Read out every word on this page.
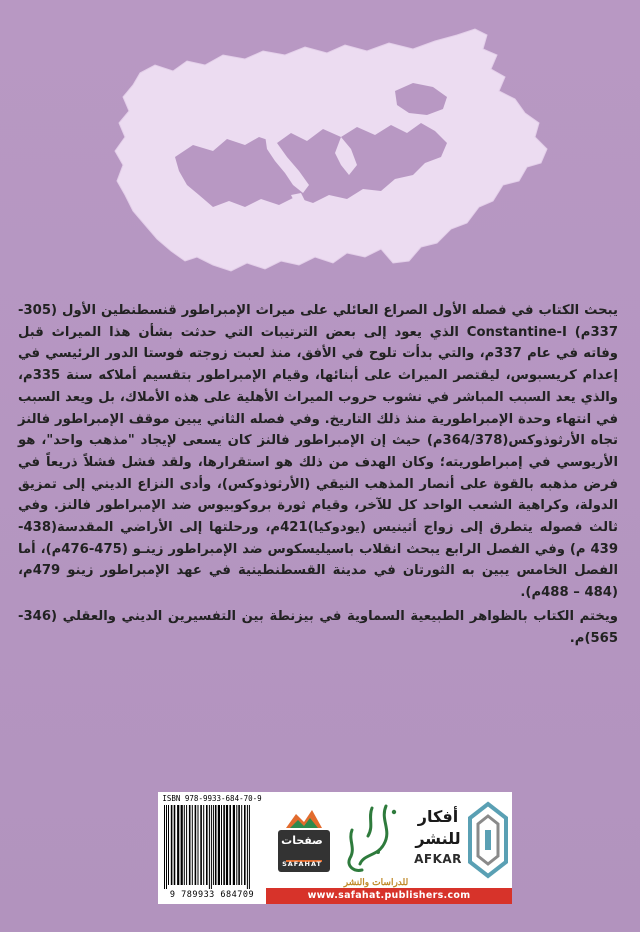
يبحث الكتاب في فصله الأول الصراع العائلي على ميراث الإمبراطور قنسطنطين الأول (305-337م) Constantine-I الذي يعود إلى بعض الترتيبات التي حدثت بشأن هذا الميراث قبل وفاته في عام 337م، والتي بدأت تلوح في الأفق، منذ لعبت زوجته فوستا الدور الرئيسي في إعدام كريسبوس، ليقتصر الميراث على أبنائها، وقيام الإمبراطور بتقسيم أملاكه سنة 335م، والذي يعد السبب المباشر في نشوب حروب الميراث الأهلية على هذه الأملاك، بل ويعد السبب في انتهاء وحدة الإمبراطورية منذ ذلك التاريخ. وفي فصله الثاني يبين موقف الإمبراطور فالنز تجاه الأرثوذوكس(364/378م) حيث إن الإمبراطور فالنز كان يسعى لإيجاد "مذهب واحد"، هو الأريوسي في إمبراطوريته؛ وكان الهدف من ذلك هو استقرارها، ولقد فشل فشلاً ذريعاً في فرض مذهبه بالقوة على أنصار المذهب النيقي (الأرثوذوكس)، وأدى النزاع الديني إلى تمزيق الدولة، وكراهية الشعب الواحد كل للآخر، وقيام ثورة بروكوبيوس ضد الإمبراطور فالنز. وفي ثالث فصوله يتطرق إلى زواج أثينيس (يودوكيا)421م، ورحلتها إلى الأراضي المقدسة(438- 439 م) وفي الفصل الرابع يبحث انقلاب باسيليسكوس ضد الإمبراطور زينـو (475-476م)، أما الفصل الخامس يبين به الثورتان في مدينة القسطنطينية في عهد الإمبراطور زينو 479م، (484 – 488م).

ويختم الكتاب بالظواهر الطبيعية السماوية في بيزنطة بين التفسيرين الديني والعقلي (346- 565)م.

ISBN 978-9933-684-70-9
9 789933 684709
صفحات
SAFAHAT
للدراسات والنشر
أفكار
للنشر
AFKAR
www.safahat.publishers.com
